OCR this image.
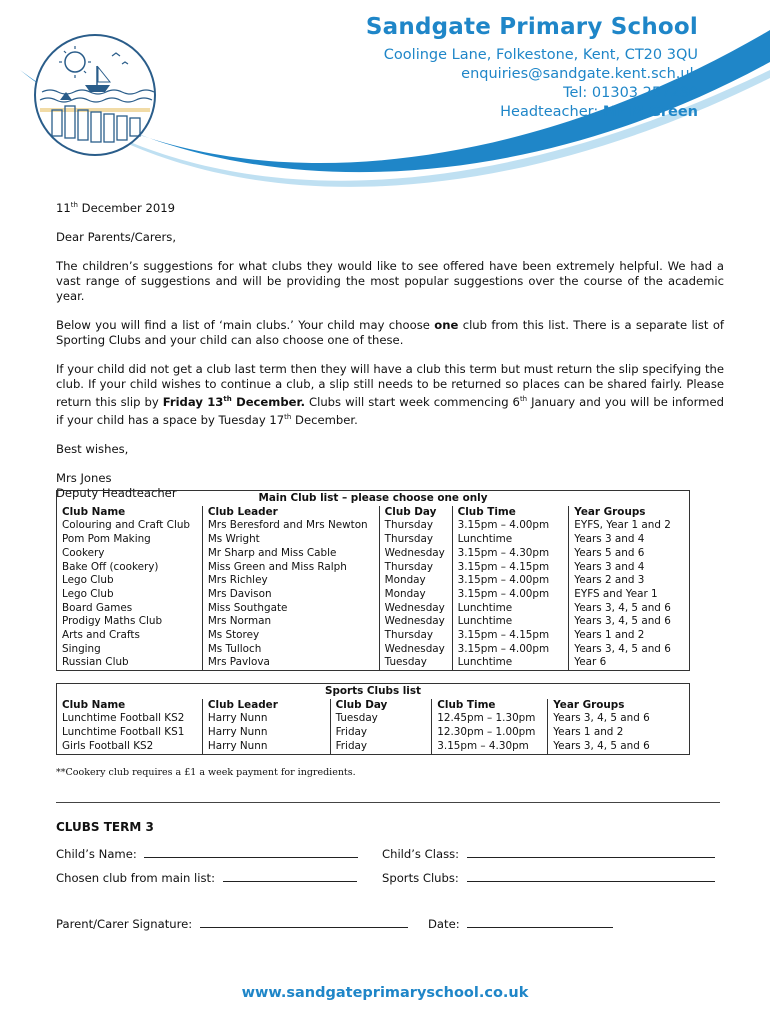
Sandgate Primary School
Coolinge Lane, Folkestone, Kent, CT20 3QU
enquiries@sandgate.kent.sch.uk
Tel: 01303 257280
Headteacher: Mr M Green

11th December 2019

Dear Parents/Carers,

The children’s suggestions for what clubs they would like to see offered have been extremely helpful. We had a vast range of suggestions and will be providing the most popular suggestions over the course of the academic year.

Below you will find a list of ‘main clubs.’ Your child may choose one club from this list. There is a separate list of Sporting Clubs and your child can also choose one of these.

If your child did not get a club last term then they will have a club this term but must return the slip specifying the club. If your child wishes to continue a club, a slip still needs to be returned so places can be shared fairly. Please return this slip by Friday 13th December. Clubs will start week commencing 6th January and you will be informed if your child has a space by Tuesday 17th December.

Best wishes,

Mrs Jones

Deputy Headteacher	Main Club list – please choose one only				
Club Name	Club Leader	Club Day	Club Time	Year Groups
Colouring and Craft Club	Mrs Beresford and Mrs Newton	Thursday	3.15pm – 4.00pm	EYFS, Year 1 and 2
Pom Pom Making	Ms Wright	Thursday	Lunchtime	Years 3 and 4
Cookery	Mr Sharp and Miss Cable	Wednesday	3.15pm – 4.30pm	Years 5 and 6
Bake Off (cookery)	Miss Green and Miss Ralph	Thursday	3.15pm – 4.15pm	Years 3 and 4
Lego Club	Mrs Richley	Monday	3.15pm – 4.00pm	Years 2 and 3
Lego Club	Mrs Davison	Monday	3.15pm – 4.00pm	EYFS and Year 1
Board Games	Miss Southgate	Wednesday	Lunchtime	Years 3, 4, 5 and 6
Prodigy Maths Club	Mrs Norman	Wednesday	Lunchtime	Years 3, 4, 5 and 6
Arts and Crafts	Ms Storey	Thursday	3.15pm – 4.15pm	Years 1 and 2
Singing	Ms Tulloch	Wednesday	3.15pm – 4.00pm	Years 3, 4, 5 and 6
Russian Club	Mrs Pavlova	Tuesday	Lunchtime	Year 6
Sports Clubs list				
Club Name	Club Leader	Club Day	Club Time	Year Groups
Lunchtime Football KS2	Harry Nunn	Tuesday	12.45pm – 1.30pm	Years 3, 4, 5 and 6
Lunchtime Football KS1	Harry Nunn	Friday	12.30pm – 1.00pm	Years 1 and 2
Girls Football KS2	Harry Nunn	Friday	3.15pm – 4.30pm	Years 3, 4, 5 and 6
**Cookery club requires a £1 a week payment for ingredients.
CLUBS TERM 3
Child’s Name:	Child’s Class:
Chosen club from main list:	Sports Clubs:
Parent/Carer Signature:	Date:
www.sandgateprimaryschool.co.uk
